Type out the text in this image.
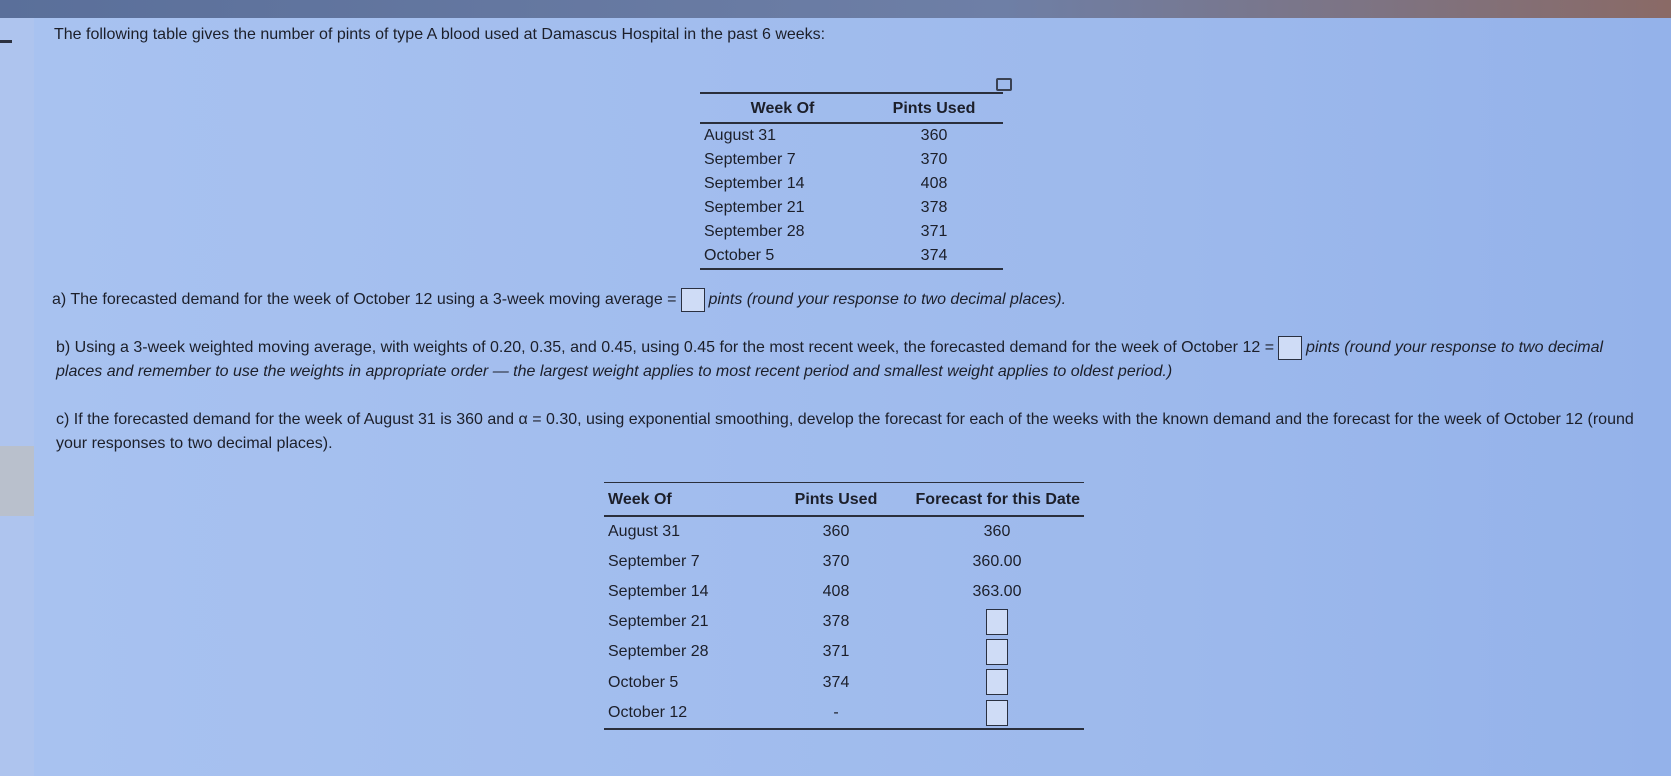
The following table gives the number of pints of type A blood used at Damascus Hospital in the past 6 weeks:
Week Of	Pints Used
August 31	360
September 7	370
September 14	408
September 21	378
September 28	371
October 5	374
a) The forecasted demand for the week of October 12 using a 3-week moving average = pints (round your response to two decimal places).
b) Using a 3-week weighted moving average, with weights of 0.20, 0.35, and 0.45, using 0.45 for the most recent week, the forecasted demand for the week of October 12 = pints (round your response to two decimal places and remember to use the weights in appropriate order — the largest weight applies to most recent period and smallest weight applies to oldest period.)
c) If the forecasted demand for the week of August 31 is 360 and α = 0.30, using exponential smoothing, develop the forecast for each of the weeks with the known demand and the forecast for the week of October 12 (round your responses to two decimal places).
Week Of	Pints Used	Forecast for this Date
August 31	360	360
September 7	370	360.00
September 14	408	363.00
September 21	378	
September 28	371	
October 5	374	
October 12	-	
